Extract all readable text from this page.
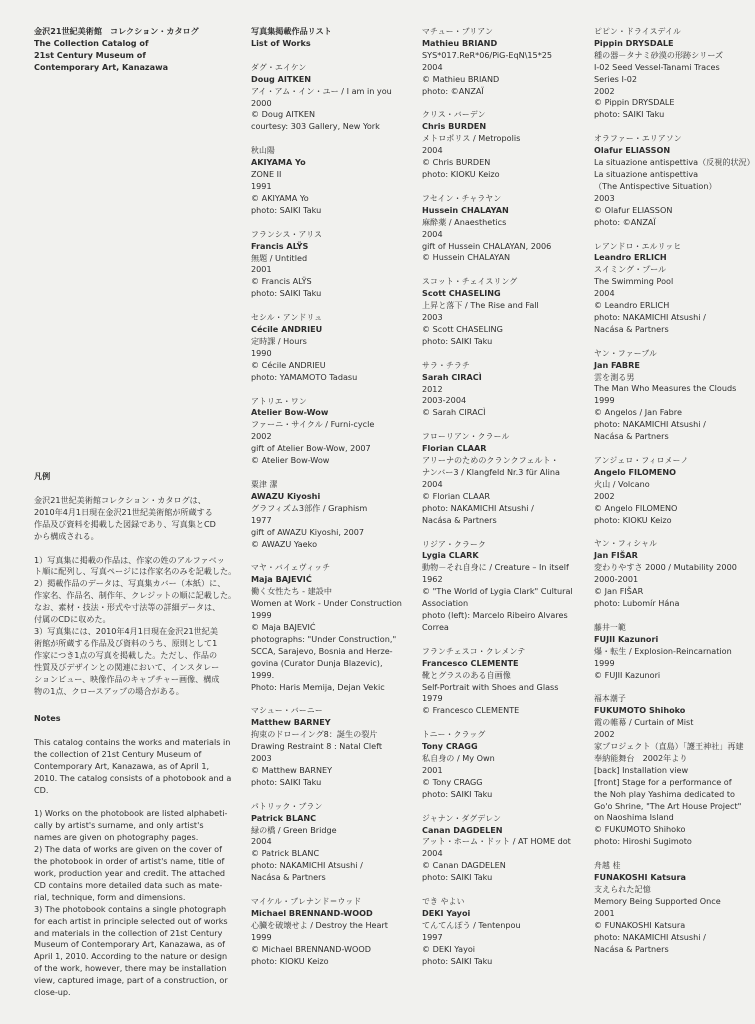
金沢21世紀美術館　コレクション・カタログ
The Collection Catalog of
21st Century Museum of
Contemporary Art, Kanazawa
凡例

金沢21世紀美術館コレクション・カタログは、
2010年4月1日現在金沢21世紀美術館が所蔵する
作品及び資料を掲載した図録であり、写真集とCD
から構成される。

1）写真集に掲載の作品は、作家の姓のアルファベッ
ト順に配列し、写真ページには作家名のみを記載した。
2）掲載作品のデータは、写真集カバー（本紙）に、
作家名、作品名、制作年、クレジットの順に記載した。
なお、素材・技法・形式や寸法等の詳細データは、
付属のCDに収めた。
3）写真集には、2010年4月1日現在金沢21世紀美
術館が所蔵する作品及び資料のうち、原則として1
作家につき1点の写真を掲載した。ただし、作品の
性質及びデザインとの関連において、インスタレー
ションビュー、映像作品のキャプチャー画像、構成
物の1点、クロースアップの場合がある。

Notes

This catalog contains the works and materials in
the collection of 21st Century Museum of
Contemporary Art, Kanazawa, as of April 1,
2010. The catalog consists of a photobook and a
CD.

1) Works on the photobook are listed alphabeti-
cally by artist's surname, and only artist's
names are given on photography pages.
2) The data of works are given on the cover of
the photobook in order of artist's name, title of
work, production year and credit. The attached
CD contains more detailed data such as mate-
rial, technique, form and dimensions.
3) The photobook contains a single photograph
for each artist in principle selected out of works
and materials in the collection of 21st Century
Museum of Contemporary Art, Kanazawa, as of
April 1, 2010. According to the nature or design
of the work, however, there may be installation
view, captured image, part of a construction, or
close-up.

写真集掲載作品リスト
List of Works
ダグ・エイケン
Doug AITKEN
アイ・アム・イン・ユー / I am in you
2000
© Doug AITKEN
courtesy: 303 Gallery, New York
秋山陽
AKIYAMA Yo
ZONE II
1991
© AKIYAMA Yo
photo: SAIKI Taku
フランシス・アリス
Francis ALŸS
無題 / Untitled
2001
© Francis ALŸS
photo: SAIKI Taku
セシル・アンドリュ
Cécile ANDRIEU
定時課 / Hours
1990
© Cécile ANDRIEU
photo: YAMAMOTO Tadasu
アトリエ・ワン
Atelier Bow-Wow
ファーニ・サイクル / Furni-cycle
2002
gift of Atelier Bow-Wow, 2007
© Atelier Bow-Wow
粟津 潔
AWAZU Kiyoshi
グラフィズム3部作 / Graphism
1977
gift of AWAZU Kiyoshi, 2007
© AWAZU Yaeko
マヤ・バイェヴィッチ
Maja BAJEVIĆ
働く女性たち - 建設中
Women at Work - Under Construction
1999
© Maja BAJEVIĆ
photographs: "Under Construction,"
SCCA, Sarajevo, Bosnia and Herze-
govina (Curator Dunja Blazevic),
1999.
Photo: Haris Memija, Dejan Vekic
マシュー・バーニー
Matthew BARNEY
拘束のドローイング8：誕生の裂片
Drawing Restraint 8 : Natal Cleft
2003
© Matthew BARNEY
photo: SAIKI Taku
パトリック・ブラン
Patrick BLANC
緑の橋 / Green Bridge
2004
© Patrick BLANC
photo: NAKAMICHI Atsushi /
Nacása & Partners
マイケル・ブレナンド＝ウッド
Michael BRENNAND-WOOD
心臓を破壊せよ / Destroy the Heart
1999
© Michael BRENNAND-WOOD
photo: KIOKU Keizo
マチュー・ブリアン
Mathieu BRIAND
SYS*017.ReR*06/PiG-EqN\15*25
2004
© Mathieu BRIAND
photo: ©ANZAÏ
クリス・バーデン
Chris BURDEN
メトロポリス / Metropolis
2004
© Chris BURDEN
photo: KIOKU Keizo
フセイン・チャラヤン
Hussein CHALAYAN
麻酔薬 / Anaesthetics
2004
gift of Hussein CHALAYAN, 2006
© Hussein CHALAYAN
スコット・チェイスリング
Scott CHASELING
上昇と落下 / The Rise and Fall
2003
© Scott CHASELING
photo: SAIKI Taku
サラ・チラチ
Sarah CIRACÌ
2012
2003-2004
© Sarah CIRACÌ
フローリアン・クラール
Florian CLAAR
アリーナのためのクランクフェルト・
ナンバー3 / Klangfeld Nr.3 für Alina
2004
© Florian CLAAR
photo: NAKAMICHI Atsushi /
Nacása & Partners
リジア・クラーク
Lygia CLARK
動物－それ自身に / Creature – In itself
1962
© "The World of Lygia Clark" Cultural
Association
photo (left): Marcelo Ribeiro Alvares
Correa
フランチェスコ・クレメンテ
Francesco CLEMENTE
靴とグラスのある自画像
Self-Portrait with Shoes and Glass
1979
© Francesco CLEMENTE
トニー・クラッグ
Tony CRAGG
私自身の / My Own
2001
© Tony CRAGG
photo: SAIKI Taku
ジャナン・ダグデレン
Canan DAGDELEN
アット・ホーム・ドット / AT HOME dot
2004
© Canan DAGDELEN
photo: SAIKI Taku
でき やよい
DEKI Yayoi
てんてんぽう / Tentenpou
1997
© DEKI Yayoi
photo: SAIKI Taku
ピピン・ドライスデイル
Pippin DRYSDALE
種の器－タナミ砂漠の形跡シリーズ
I-02 Seed Vessel-Tanami Traces
Series I-02
2002
© Pippin DRYSDALE
photo: SAIKI Taku
オラファー・エリアソン
Olafur ELIASSON
La situazione antispettiva（反視的状況）
La situazione antispettiva
（The Antispective Situation）
2003
© Olafur ELIASSON
photo: ©ANZAÏ
レアンドロ・エルリッヒ
Leandro ERLICH
スイミング・プール
The Swimming Pool
2004
© Leandro ERLICH
photo: NAKAMICHI Atsushi /
Nacása & Partners
ヤン・ファーブル
Jan FABRE
雲を測る男
The Man Who Measures the Clouds
1999
© Angelos / Jan Fabre
photo: NAKAMICHI Atsushi /
Nacása & Partners
アンジェロ・フィロメーノ
Angelo FILOMENO
火山 / Volcano
2002
© Angelo FILOMENO
photo: KIOKU Keizo
ヤン・フィシャル
Jan FIŠAR
変わりやすさ 2000 / Mutability 2000
2000-2001
© Jan FIŠAR
photo: Lubomír Hána
藤井一範
FUJII Kazunori
爆・転生 / Explosion-Reincarnation
1999
© FUJII Kazunori
福本潮子
FUKUMOTO Shihoko
霞の帷幕 / Curtain of Mist
2002
家プロジェクト（直島）「護王神社」再建
奉納能舞台　2002年より
[back] Installation view
[front] Stage for a performance of
the Noh play Yashima dedicated to
Go'o Shrine, "The Art House Project"
on Naoshima Island
© FUKUMOTO Shihoko
photo: Hiroshi Sugimoto
舟越 桂
FUNAKOSHI Katsura
支えられた記憶
Memory Being Supported Once
2001
© FUNAKOSHI Katsura
photo: NAKAMICHI Atsushi /
Nacása & Partners
